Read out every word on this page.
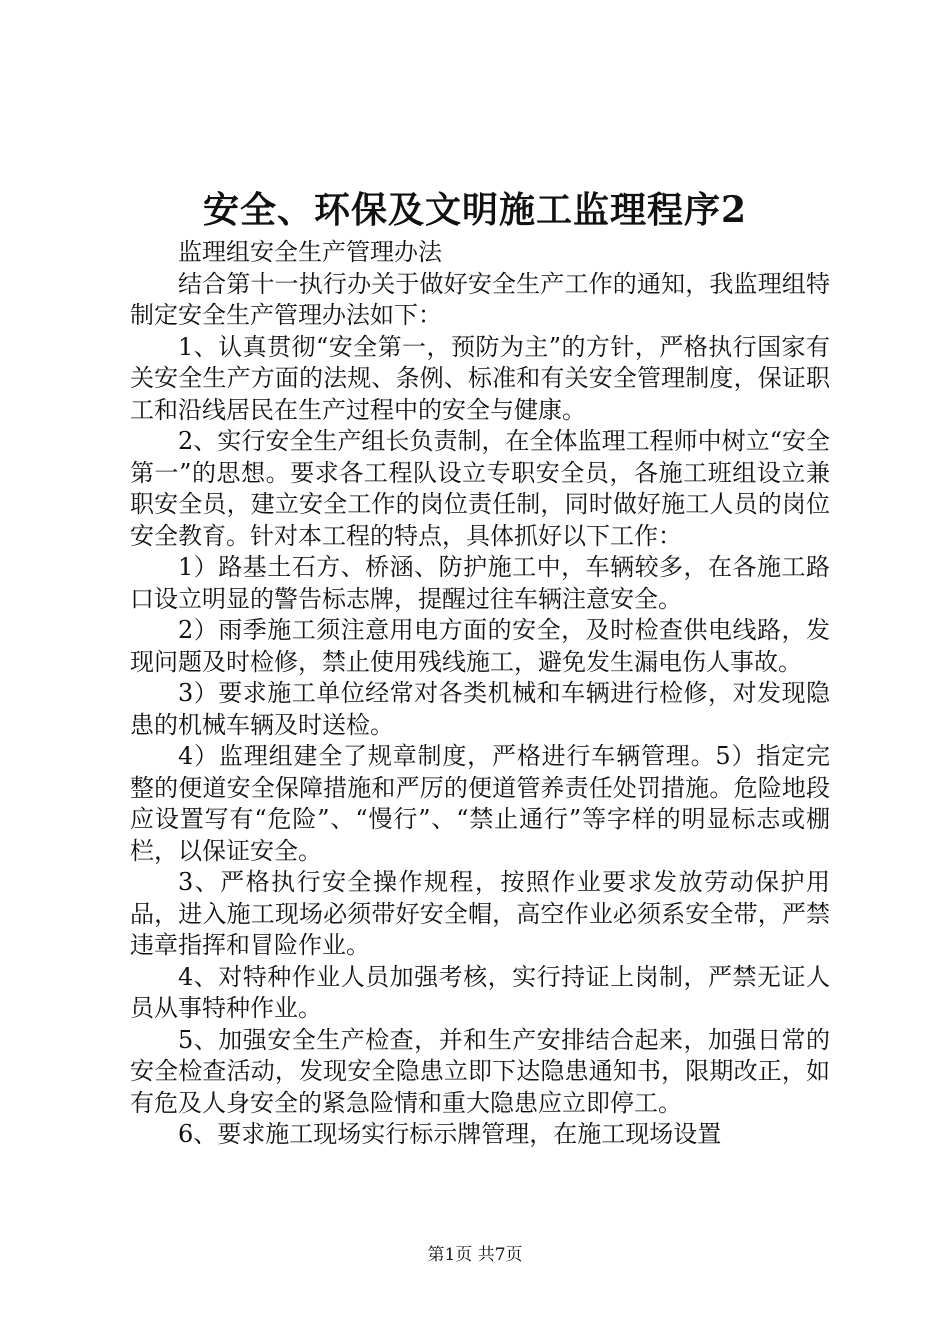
安全、环保及文明施工监理程序2

监理组安全生产管理办法

结合第十一执行办关于做好安全生产工作的通知，我监理组特制定安全生产管理办法如下：

1、认真贯彻“安全第一，预防为主”的方针，严格执行国家有关安全生产方面的法规、条例、标准和有关安全管理制度，保证职工和沿线居民在生产过程中的安全与健康。

2、实行安全生产组长负责制，在全体监理工程师中树立“安全第一”的思想。要求各工程队设立专职安全员，各施工班组设立兼职安全员，建立安全工作的岗位责任制，同时做好施工人员的岗位安全教育。针对本工程的特点，具体抓好以下工作：

1）路基土石方、桥涵、防护施工中，车辆较多，在各施工路口设立明显的警告标志牌，提醒过往车辆注意安全。

2）雨季施工须注意用电方面的安全，及时检查供电线路，发现问题及时检修，禁止使用残线施工，避免发生漏电伤人事故。

3）要求施工单位经常对各类机械和车辆进行检修，对发现隐患的机械车辆及时送检。

4）监理组建全了规章制度，严格进行车辆管理。5）指定完整的便道安全保障措施和严厉的便道管养责任处罚措施。危险地段应设置写有“危险”、“慢行”、“禁止通行”等字样的明显标志或棚栏，以保证安全。

3、严格执行安全操作规程，按照作业要求发放劳动保护用品，进入施工现场必须带好安全帽，高空作业必须系安全带，严禁违章指挥和冒险作业。

4、对特种作业人员加强考核，实行持证上岗制，严禁无证人员从事特种作业。

5、加强安全生产检查，并和生产安排结合起来，加强日常的安全检查活动，发现安全隐患立即下达隐患通知书，限期改正，如有危及人身安全的紧急险情和重大隐患应立即停工。

6、要求施工现场实行标示牌管理，在施工现场设置

第1页 共7页
